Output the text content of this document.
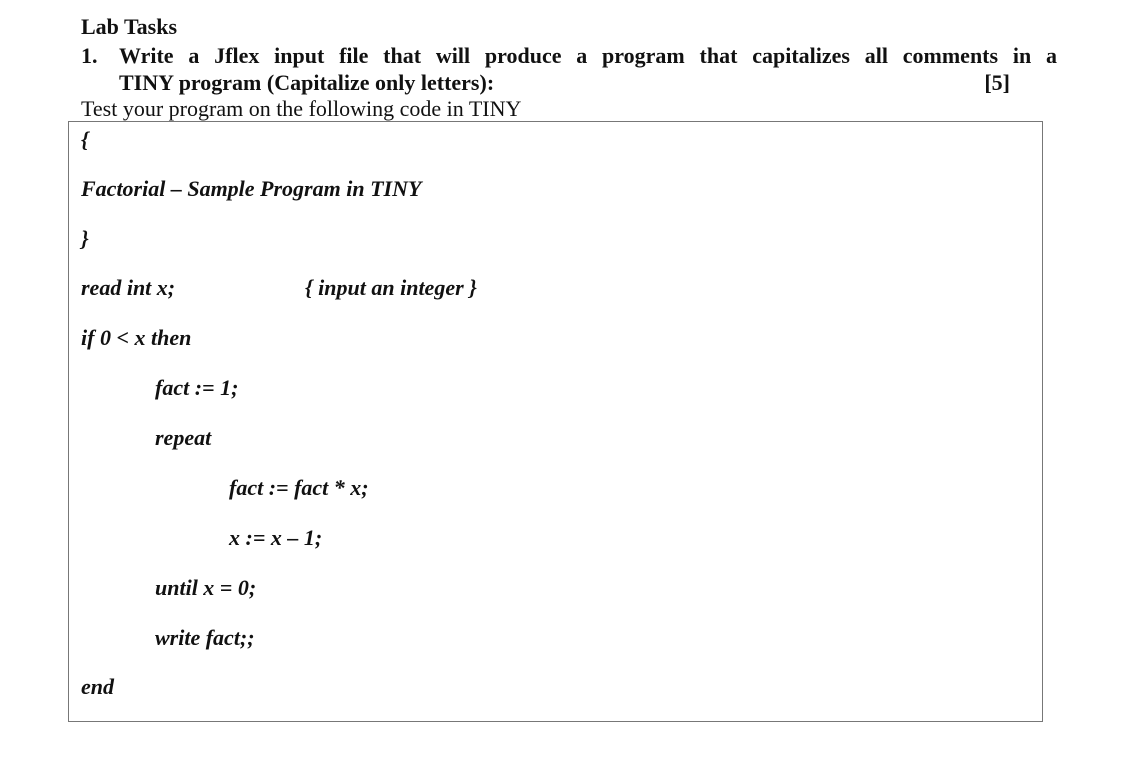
Lab Tasks
1. Write a Jflex input file that will produce a program that capitalizes all comments in a
TINY program (Capitalize only letters):	[5]
Test your program on the following code in TINY
{
Factorial – Sample Program in TINY
}
read int x;	{ input an integer }
if 0 < x then
fact := 1;
repeat
fact := fact * x;
x := x – 1;
until x = 0;
write fact;;
end
